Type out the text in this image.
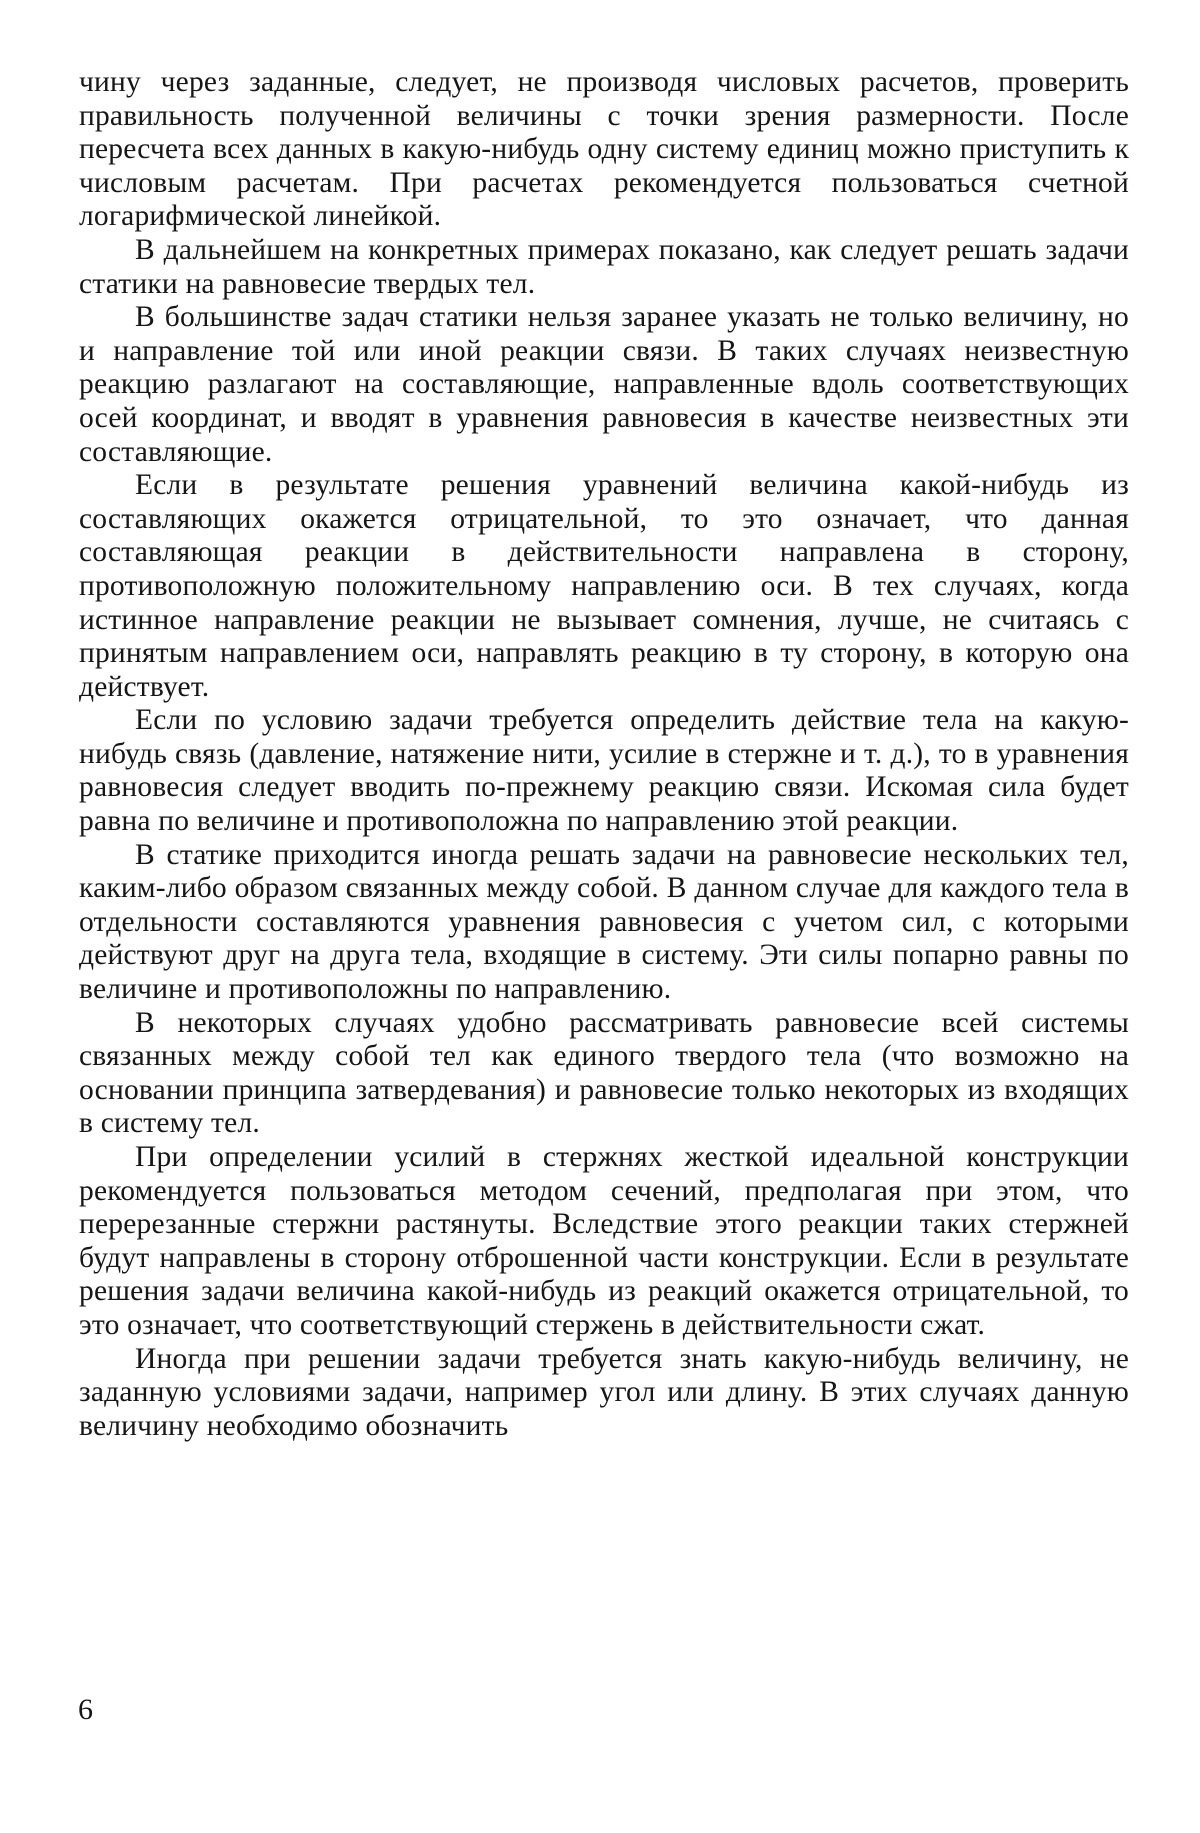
чину через заданные, следует, не производя числовых расчетов, проверить правильность полученной величины с точки зрения размерности. После пересчета всех данных в какую-нибудь одну систему единиц можно приступить к числовым расчетам. При расчетах рекомендуется пользоваться счетной логарифмической линейкой.

В дальнейшем на конкретных примерах показано, как следует решать задачи статики на равновесие твердых тел.

В большинстве задач статики нельзя заранее указать не только величину, но и направление той или иной реакции связи. В таких случаях неизвестную реакцию разлагают на составляющие, направленные вдоль соответствующих осей координат, и вводят в уравнения равновесия в качестве неизвестных эти составляющие.

Если в результате решения уравнений величина какой-нибудь из составляющих окажется отрицательной, то это означает, что данная составляющая реакции в действительности направлена в сторону, противоположную положительному направлению оси. В тех случаях, когда истинное направление реакции не вызывает сомнения, лучше, не считаясь с принятым направлением оси, направлять реакцию в ту сторону, в которую она действует.

Если по условию задачи требуется определить действие тела на какую-нибудь связь (давление, натяжение нити, усилие в стержне и т. д.), то в уравнения равновесия следует вводить по-прежнему реакцию связи. Искомая сила будет равна по величине и противоположна по направлению этой реакции.

В статике приходится иногда решать задачи на равновесие нескольких тел, каким-либо образом связанных между собой. В данном случае для каждого тела в отдельности составляются уравнения равновесия с учетом сил, с которыми действуют друг на друга тела, входящие в систему. Эти силы попарно равны по величине и противоположны по направлению.

В некоторых случаях удобно рассматривать равновесие всей системы связанных между собой тел как единого твердого тела (что возможно на основании принципа затвердевания) и равновесие только некоторых из входящих в систему тел.

При определении усилий в стержнях жесткой идеальной конструкции рекомендуется пользоваться методом сечений, предполагая при этом, что перерезанные стержни растянуты. Вследствие этого реакции таких стержней будут направлены в сторону отброшенной части конструкции. Если в результате решения задачи величина какой-нибудь из реакций окажется отрицательной, то это означает, что соответствующий стержень в действительности сжат.

Иногда при решении задачи требуется знать какую-нибудь величину, не заданную условиями задачи, например угол или длину. В этих случаях данную величину необходимо обозначить

6
